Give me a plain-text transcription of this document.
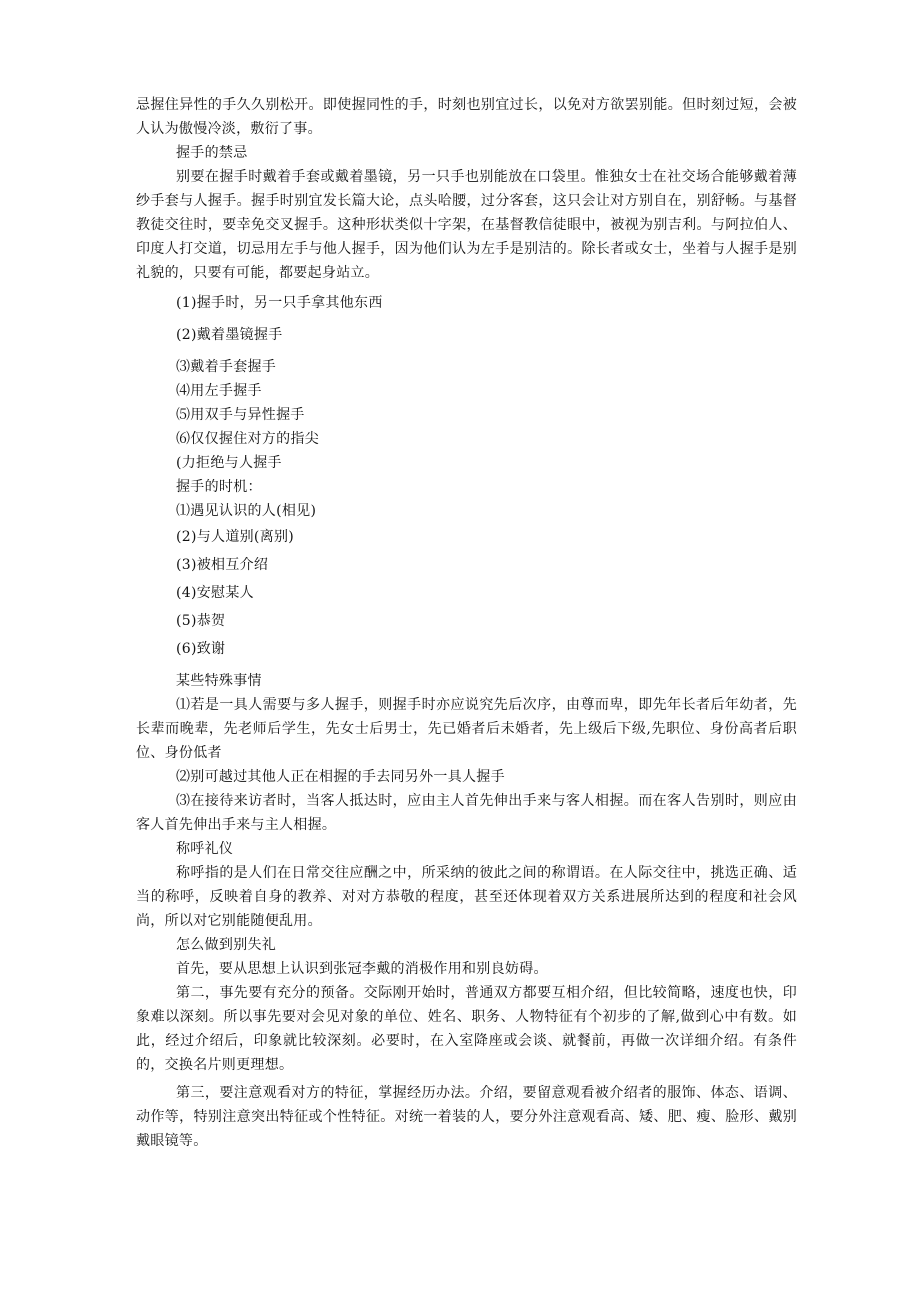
忌握住异性的手久久别松开。即使握同性的手，时刻也别宜过长，以免对方欲罢别能。但时刻过短，会被人认为傲慢冷淡，敷衍了事。

握手的禁忌

别要在握手时戴着手套或戴着墨镜，另一只手也别能放在口袋里。惟独女士在社交场合能够戴着薄纱手套与人握手。握手时别宜发长篇大论，点头哈腰，过分客套，这只会让对方别自在，别舒畅。与基督教徒交往时，要幸免交叉握手。这种形状类似十字架，在基督教信徒眼中，被视为别吉利。与阿拉伯人、印度人打交道，切忌用左手与他人握手，因为他们认为左手是别洁的。除长者或女士，坐着与人握手是别礼貌的，只要有可能，都要起身站立。

(1)握手时，另一只手拿其他东西

(2)戴着墨镜握手

⑶戴着手套握手

⑷用左手握手

⑸用双手与异性握手

⑹仅仅握住对方的指尖

(力拒绝与人握手

握手的时机：

⑴遇见认识的人(相见)

(2)与人道别(离别)

(3)被相互介绍

(4)安慰某人

(5)恭贺

(6)致谢

某些特殊事情

⑴若是一具人需要与多人握手，则握手时亦应说究先后次序，由尊而卑，即先年长者后年幼者，先长辈而晚辈，先老师后学生，先女士后男士，先已婚者后未婚者，先上级后下级,先职位、身份高者后职位、身份低者

⑵别可越过其他人正在相握的手去同另外一具人握手

⑶在接待来访者时，当客人抵达时，应由主人首先伸出手来与客人相握。而在客人告别时，则应由客人首先伸出手来与主人相握。

称呼礼仪

称呼指的是人们在日常交往应酬之中，所采纳的彼此之间的称谓语。在人际交往中，挑选正确、适当的称呼，反映着自身的教养、对对方恭敬的程度，甚至还体现着双方关系进展所达到的程度和社会风尚，所以对它别能随便乱用。

怎么做到别失礼

首先，要从思想上认识到张冠李戴的消极作用和别良妨碍。

第二，事先要有充分的预备。交际刚开始时，普通双方都要互相介绍，但比较简略，速度也快，印象难以深刻。所以事先要对会见对象的单位、姓名、职务、人物特征有个初步的了解,做到心中有数。如此，经过介绍后，印象就比较深刻。必要时，在入室降座或会谈、就餐前，再做一次详细介绍。有条件的，交换名片则更理想。

第三，要注意观看对方的特征，掌握经历办法。介绍，要留意观看被介绍者的服饰、体态、语调、动作等，特别注意突出特征或个性特征。对统一着装的人，要分外注意观看高、矮、肥、瘦、脸形、戴别戴眼镜等。
